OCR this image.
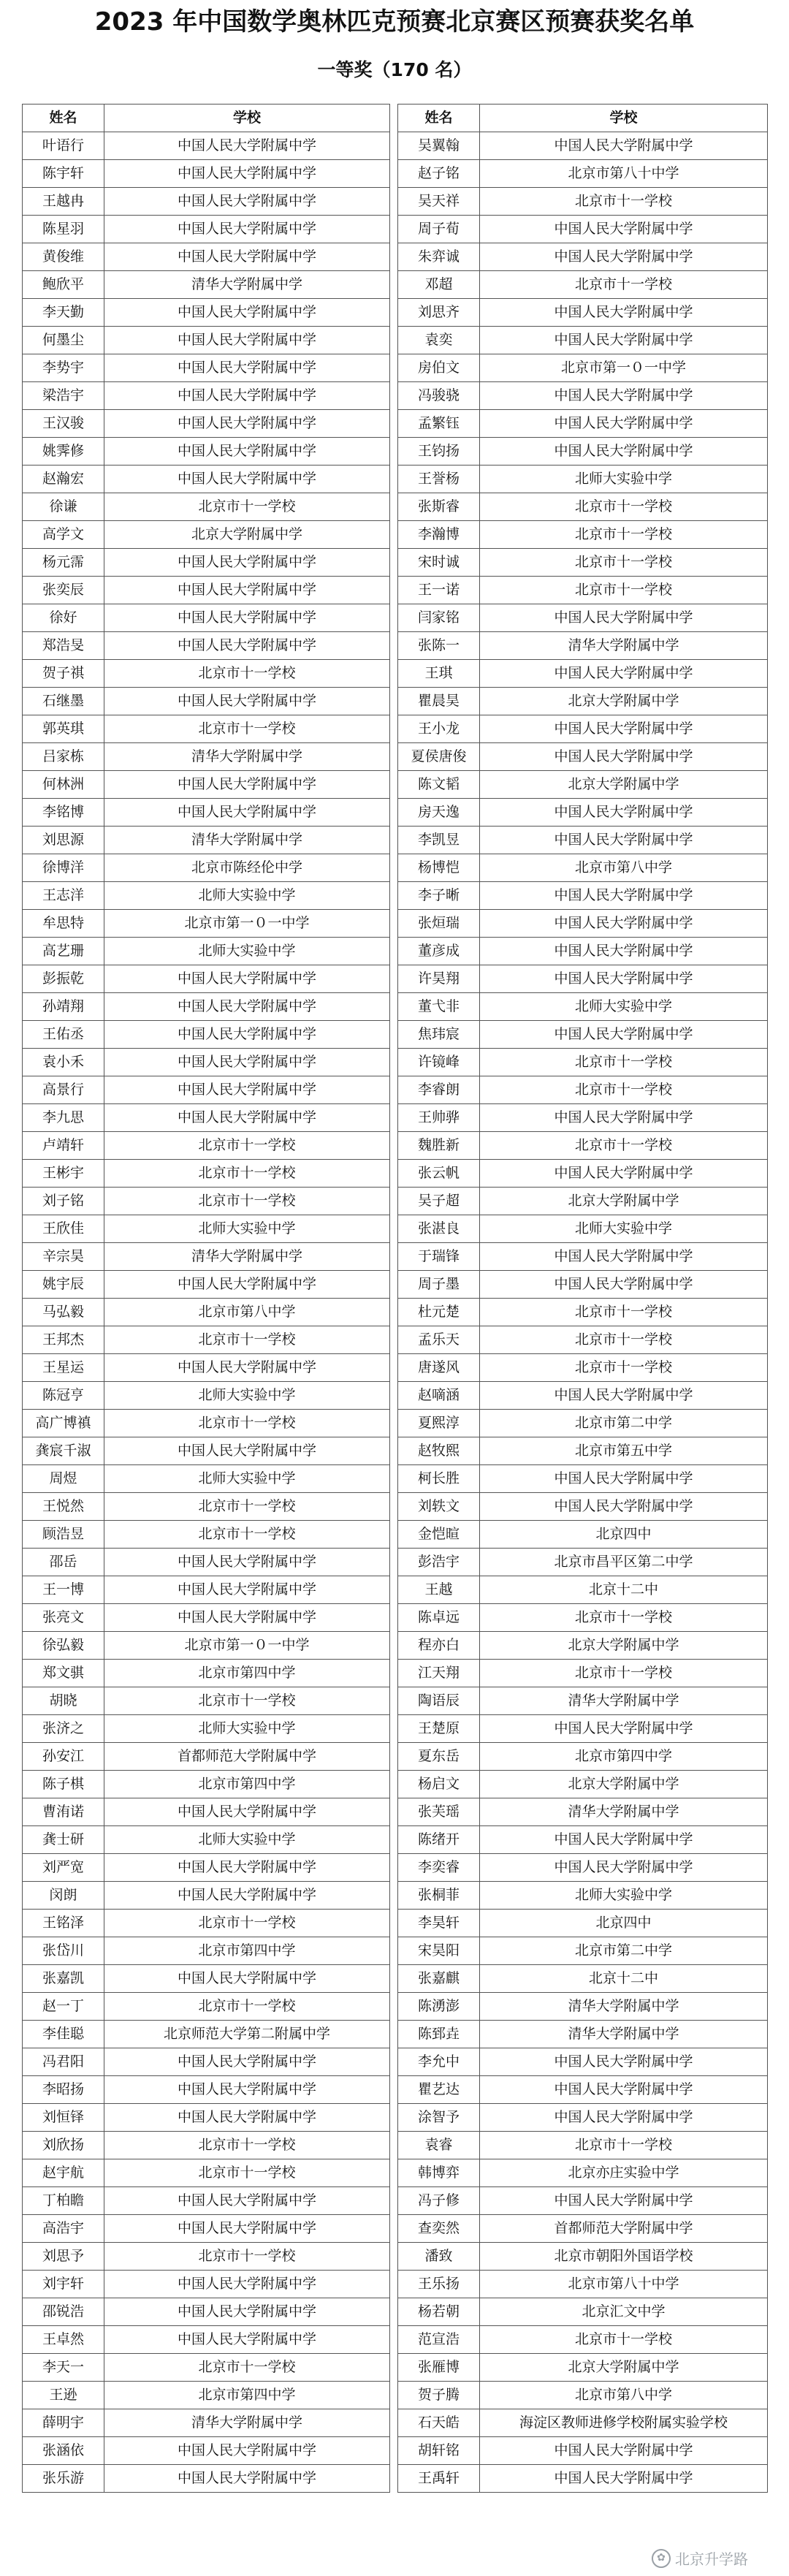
2023 年中国数学奥林匹克预赛北京赛区预赛获奖名单
一等奖（170 名）
姓名	学校
叶语行	中国人民大学附属中学
陈宇轩	中国人民大学附属中学
王越冉	中国人民大学附属中学
陈星羽	中国人民大学附属中学
黄俊维	中国人民大学附属中学
鲍欣平	清华大学附属中学
李天勤	中国人民大学附属中学
何墨尘	中国人民大学附属中学
李势宇	中国人民大学附属中学
梁浩宇	中国人民大学附属中学
王汉骏	中国人民大学附属中学
姚霁修	中国人民大学附属中学
赵瀚宏	中国人民大学附属中学
徐谦	北京市十一学校
高学文	北京大学附属中学
杨元霈	中国人民大学附属中学
张奕辰	中国人民大学附属中学
徐好	中国人民大学附属中学
郑浩旻	中国人民大学附属中学
贺子祺	北京市十一学校
石继墨	中国人民大学附属中学
郭英琪	北京市十一学校
吕家栋	清华大学附属中学
何林洲	中国人民大学附属中学
李铭博	中国人民大学附属中学
刘思源	清华大学附属中学
徐博洋	北京市陈经伦中学
王志洋	北师大实验中学
牟思特	北京市第一０一中学
高艺珊	北师大实验中学
彭振乾	中国人民大学附属中学
孙靖翔	中国人民大学附属中学
王佑丞	中国人民大学附属中学
袁小禾	中国人民大学附属中学
高景行	中国人民大学附属中学
李九思	中国人民大学附属中学
卢靖轩	北京市十一学校
王彬宇	北京市十一学校
刘子铭	北京市十一学校
王欣佳	北师大实验中学
辛宗昊	清华大学附属中学
姚宇辰	中国人民大学附属中学
马弘毅	北京市第八中学
王邦杰	北京市十一学校
王星运	中国人民大学附属中学
陈冠亨	北师大实验中学
高广博禛	北京市十一学校
龚宸千淑	中国人民大学附属中学
周煜	北师大实验中学
王悦然	北京市十一学校
顾浩昱	北京市十一学校
邵岳	中国人民大学附属中学
王一博	中国人民大学附属中学
张亮文	中国人民大学附属中学
徐弘毅	北京市第一０一中学
郑文骐	北京市第四中学
胡晓	北京市十一学校
张济之	北师大实验中学
孙安江	首都师范大学附属中学
陈子棋	北京市第四中学
曹洧诺	中国人民大学附属中学
龚士研	北师大实验中学
刘严宽	中国人民大学附属中学
闵朗	中国人民大学附属中学
王铭泽	北京市十一学校
张岱川	北京市第四中学
张嘉凯	中国人民大学附属中学
赵一丁	北京市十一学校
李佳聪	北京师范大学第二附属中学
冯君阳	中国人民大学附属中学
李昭扬	中国人民大学附属中学
刘恒铎	中国人民大学附属中学
刘欣扬	北京市十一学校
赵宇航	北京市十一学校
丁柏瞻	中国人民大学附属中学
高浩宇	中国人民大学附属中学
刘思予	北京市十一学校
刘宇轩	中国人民大学附属中学
邵锐浩	中国人民大学附属中学
王卓然	中国人民大学附属中学
李天一	北京市十一学校
王逊	北京市第四中学
薛明宇	清华大学附属中学
张涵依	中国人民大学附属中学
张乐游	中国人民大学附属中学
姓名	学校
吴翼翰	中国人民大学附属中学
赵子铭	北京市第八十中学
吴天祥	北京市十一学校
周子荀	中国人民大学附属中学
朱弈诚	中国人民大学附属中学
邓超	北京市十一学校
刘思齐	中国人民大学附属中学
袁奕	中国人民大学附属中学
房伯文	北京市第一０一中学
冯骏骁	中国人民大学附属中学
孟繁钰	中国人民大学附属中学
王钧扬	中国人民大学附属中学
王誉杨	北师大实验中学
张斯睿	北京市十一学校
李瀚博	北京市十一学校
宋时诚	北京市十一学校
王一诺	北京市十一学校
闫家铭	中国人民大学附属中学
张陈一	清华大学附属中学
王琪	中国人民大学附属中学
瞿晨昊	北京大学附属中学
王小龙	中国人民大学附属中学
夏侯唐俊	中国人民大学附属中学
陈文韬	北京大学附属中学
房天逸	中国人民大学附属中学
李凯昱	中国人民大学附属中学
杨博恺	北京市第八中学
李子晰	中国人民大学附属中学
张烜瑞	中国人民大学附属中学
董彦成	中国人民大学附属中学
许昊翔	中国人民大学附属中学
董弋非	北师大实验中学
焦玮宸	中国人民大学附属中学
许镜峰	北京市十一学校
李睿朗	北京市十一学校
王帅骅	中国人民大学附属中学
魏胜新	北京市十一学校
张云帆	中国人民大学附属中学
吴子超	北京大学附属中学
张湛良	北师大实验中学
于瑞锋	中国人民大学附属中学
周子墨	中国人民大学附属中学
杜元楚	北京市十一学校
孟乐天	北京市十一学校
唐遂风	北京市十一学校
赵嘀涵	中国人民大学附属中学
夏熙淳	北京市第二中学
赵牧熙	北京市第五中学
柯长胜	中国人民大学附属中学
刘轶文	中国人民大学附属中学
金恺暄	北京四中
彭浩宇	北京市昌平区第二中学
王越	北京十二中
陈卓远	北京市十一学校
程亦白	北京大学附属中学
江天翔	北京市十一学校
陶语辰	清华大学附属中学
王楚原	中国人民大学附属中学
夏东岳	北京市第四中学
杨启文	北京大学附属中学
张芙瑶	清华大学附属中学
陈绪开	中国人民大学附属中学
李奕睿	中国人民大学附属中学
张桐菲	北师大实验中学
李昊轩	北京四中
宋昊阳	北京市第二中学
张嘉麒	北京十二中
陈湧澎	清华大学附属中学
陈郅垚	清华大学附属中学
李允中	中国人民大学附属中学
瞿艺达	中国人民大学附属中学
涂智予	中国人民大学附属中学
袁睿	北京市十一学校
韩博弈	北京亦庄实验中学
冯子修	中国人民大学附属中学
查奕然	首都师范大学附属中学
潘致	北京市朝阳外国语学校
王乐扬	北京市第八十中学
杨若朝	北京汇文中学
范宣浩	北京市十一学校
张雁博	北京大学附属中学
贺子腾	北京市第八中学
石天皓	海淀区教师进修学校附属实验学校
胡轩铭	中国人民大学附属中学
王禹轩	中国人民大学附属中学
✿ 北京升学路
